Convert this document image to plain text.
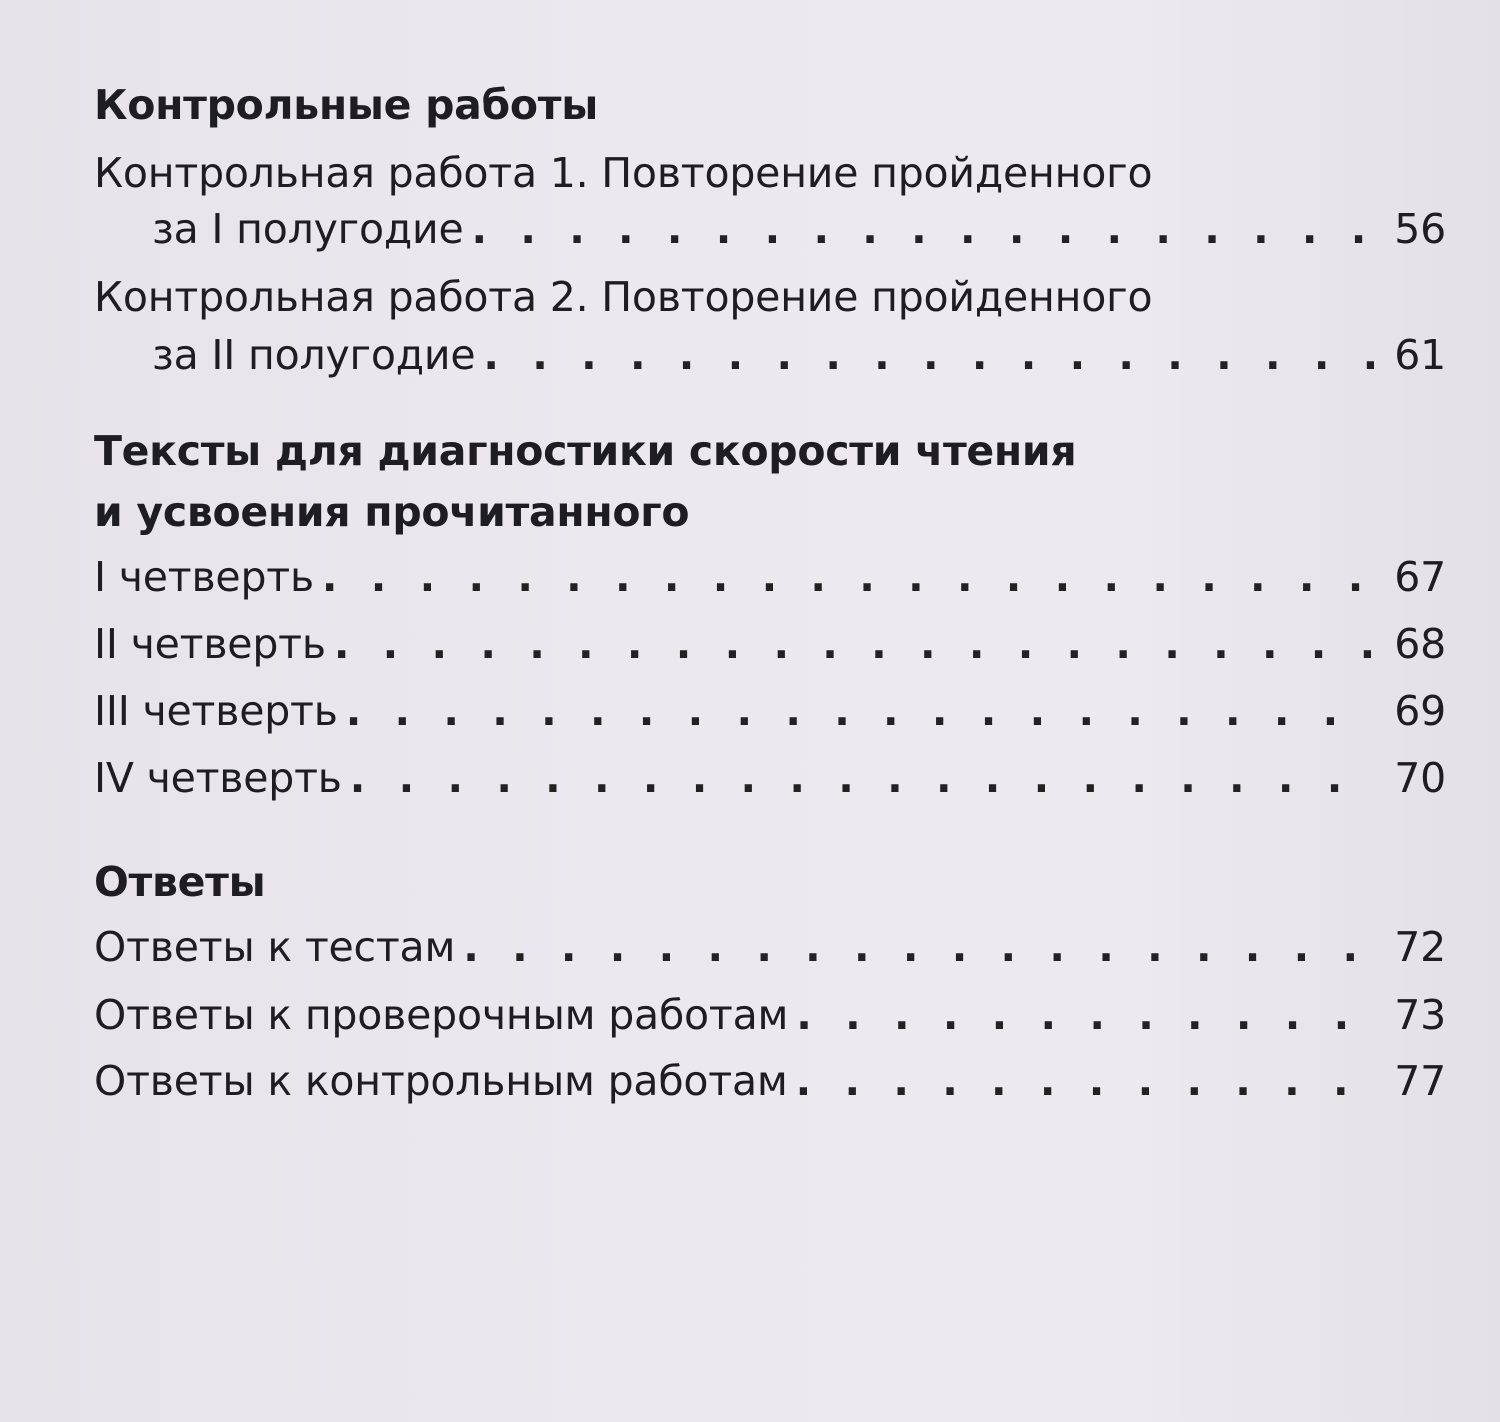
Контрольные работы
Контрольная работа 1. Повторение пройденного
за I полугодие . . .	56
Контрольная работа 2. Повторение пройденного
за II полугодие . . .	61
Тексты для диагностики скорости чтения
и усвоения прочитанного
I четверть . . .	67
II четверть . . .	68
III четверть . . .	69
IV четверть . . .	70
Ответы
Ответы к тестам . . .	72
Ответы к проверочным работам . . .	73
Ответы к контрольным работам . . .	77
